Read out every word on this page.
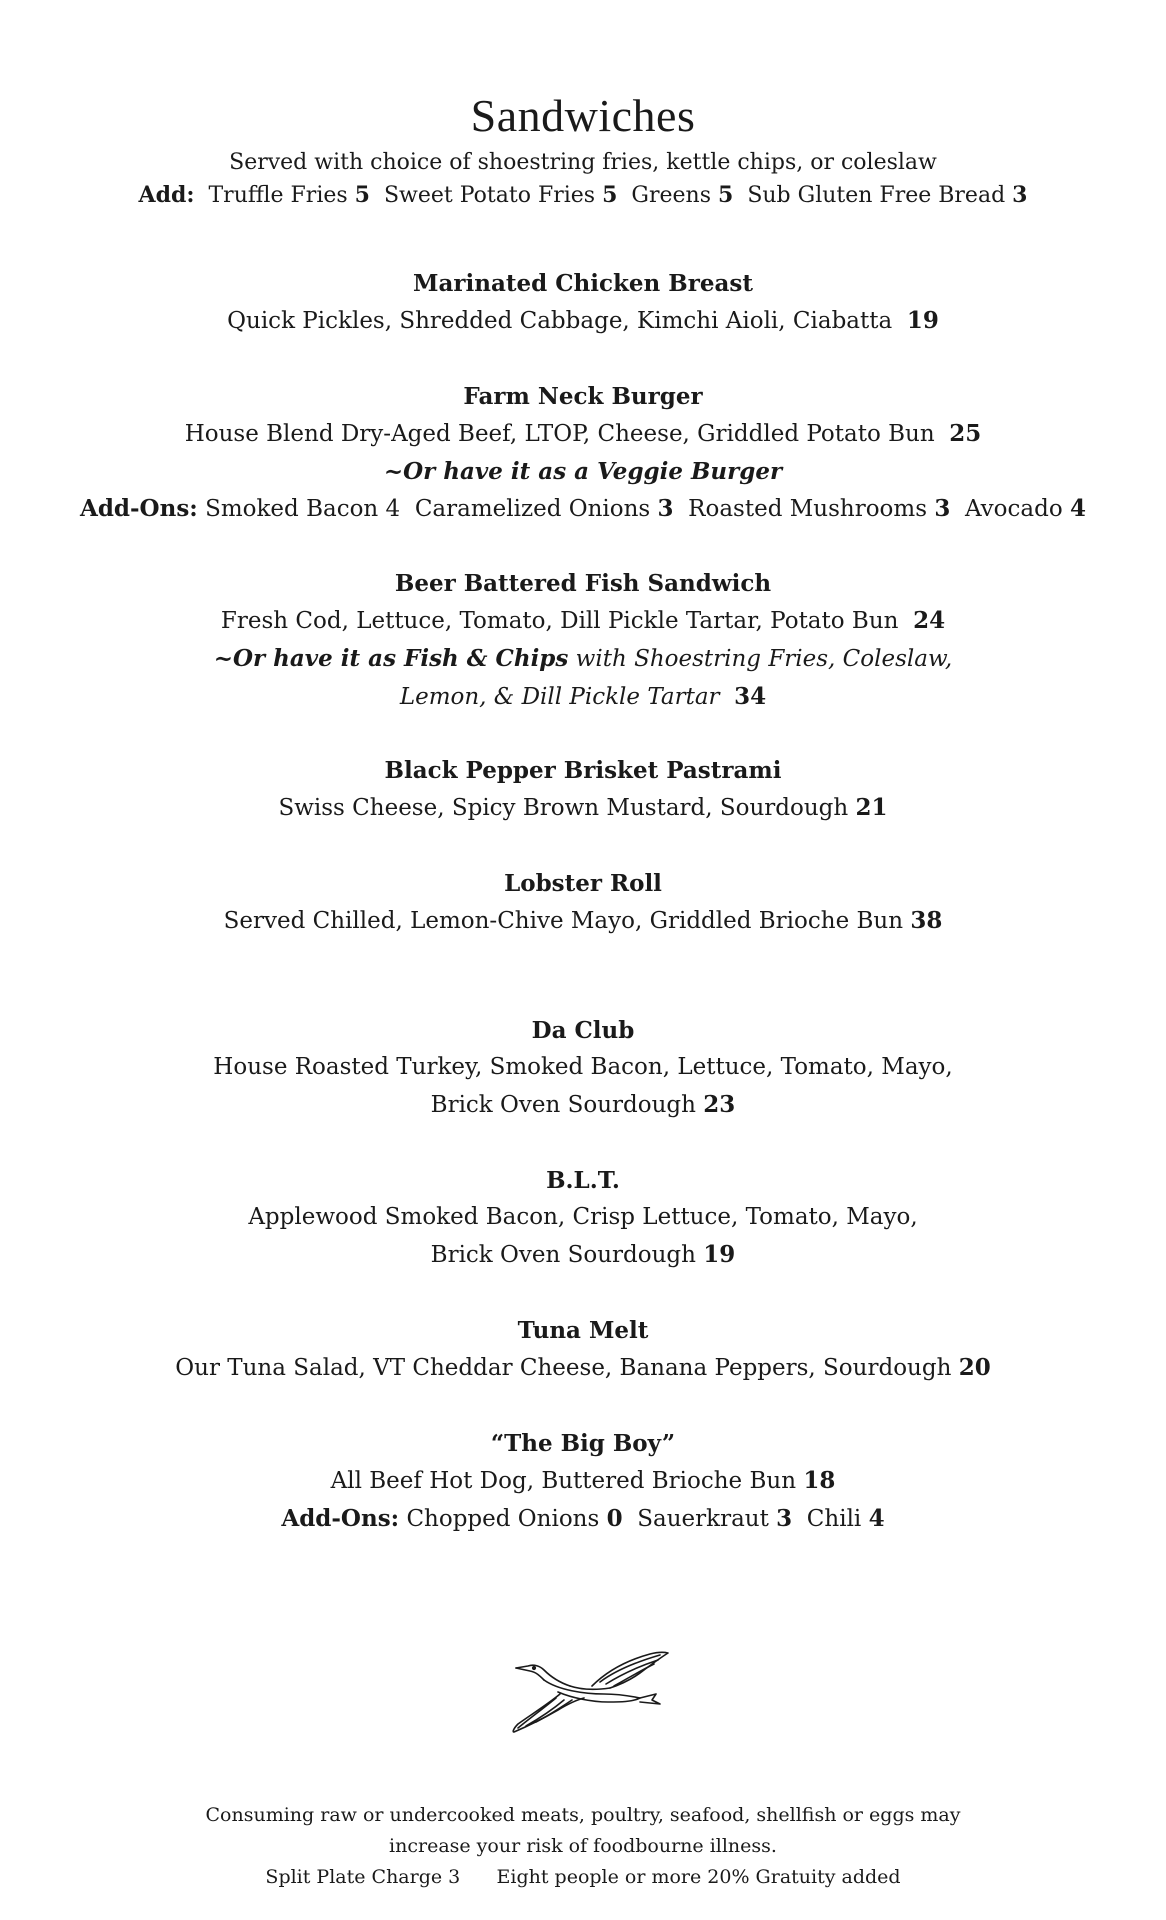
Sandwiches
Served with choice of shoestring fries, kettle chips, or coleslaw
Add: Truffle Fries 5 Sweet Potato Fries 5 Greens 5 Sub Gluten Free Bread 3
Marinated Chicken Breast
Quick Pickles, Shredded Cabbage, Kimchi Aioli, Ciabatta 19
Farm Neck Burger
House Blend Dry-Aged Beef, LTOP, Cheese, Griddled Potato Bun 25
~Or have it as a Veggie Burger
Add-Ons: Smoked Bacon 4 Caramelized Onions 3 Roasted Mushrooms 3 Avocado 4
Beer Battered Fish Sandwich
Fresh Cod, Lettuce, Tomato, Dill Pickle Tartar, Potato Bun 24
~Or have it as Fish & Chips with Shoestring Fries, Coleslaw,
Lemon, & Dill Pickle Tartar 34
Black Pepper Brisket Pastrami
Swiss Cheese, Spicy Brown Mustard, Sourdough 21
Lobster Roll
Served Chilled, Lemon-Chive Mayo, Griddled Brioche Bun 38
Da Club
House Roasted Turkey, Smoked Bacon, Lettuce, Tomato, Mayo,
Brick Oven Sourdough 23
B.L.T.
Applewood Smoked Bacon, Crisp Lettuce, Tomato, Mayo,
Brick Oven Sourdough 19
Tuna Melt
Our Tuna Salad, VT Cheddar Cheese, Banana Peppers, Sourdough 20
“The Big Boy”
All Beef Hot Dog, Buttered Brioche Bun 18
Add-Ons: Chopped Onions 0 Sauerkraut 3 Chili 4
Consuming raw or undercooked meats, poultry, seafood, shellfish or eggs may
increase your risk of foodbourne illness.
Split Plate Charge 3 Eight people or more 20% Gratuity added
